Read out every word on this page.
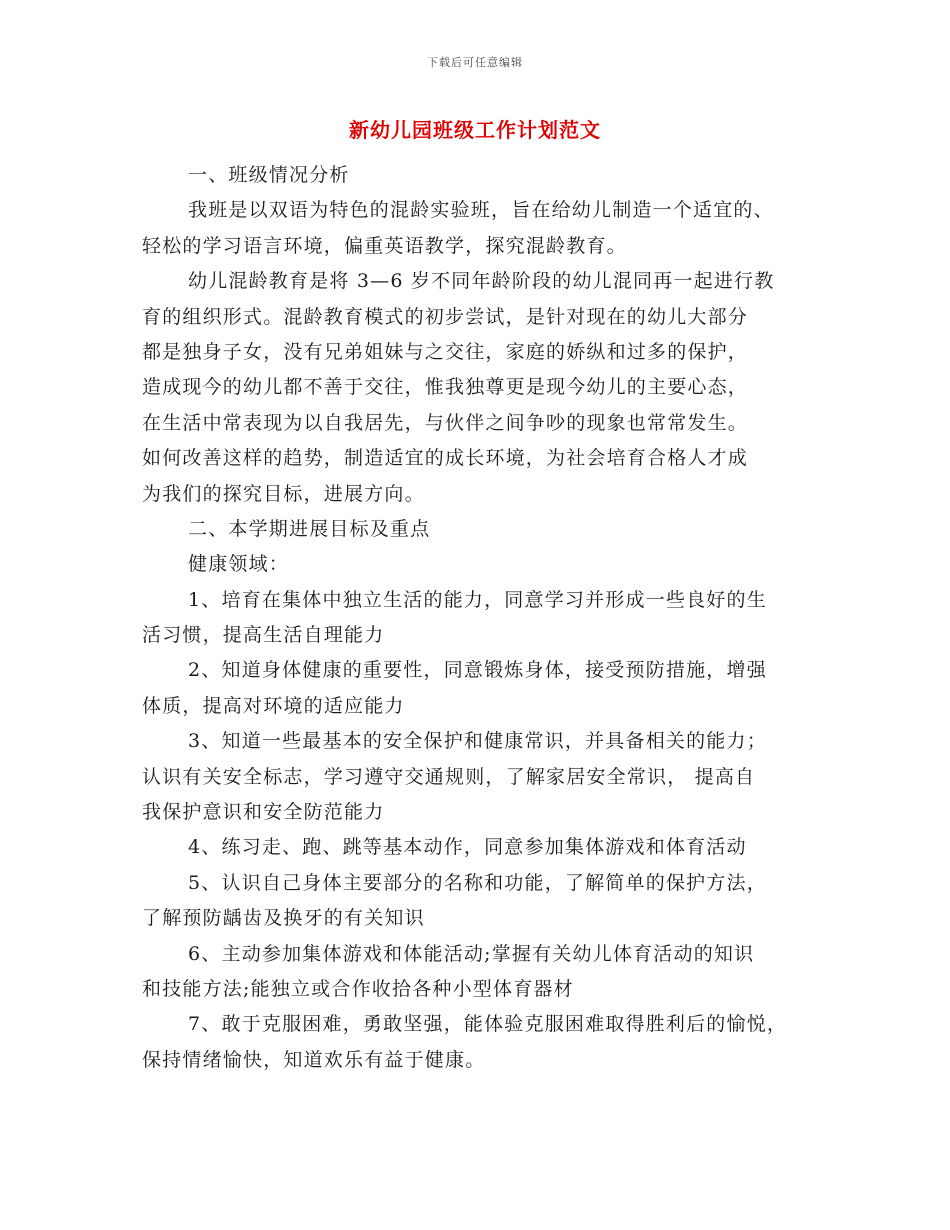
下载后可任意编辑
新幼儿园班级工作计划范文
一、班级情况分析
我班是以双语为特色的混龄实验班，旨在给幼儿制造一个适宜的、
轻松的学习语言环境，偏重英语教学，探究混龄教育。
幼儿混龄教育是将 3—6 岁不同年龄阶段的幼儿混同再一起进行教
育的组织形式。混龄教育模式的初步尝试，是针对现在的幼儿大部分
都是独身子女，没有兄弟姐妹与之交往，家庭的娇纵和过多的保护，
造成现今的幼儿都不善于交往，惟我独尊更是现今幼儿的主要心态，
在生活中常表现为以自我居先，与伙伴之间争吵的现象也常常发生。
如何改善这样的趋势，制造适宜的成长环境，为社会培育合格人才成
为我们的探究目标，进展方向。
二、本学期进展目标及重点
健康领域：
1、培育在集体中独立生活的能力，同意学习并形成一些良好的生
活习惯，提高生活自理能力
2、知道身体健康的重要性，同意锻炼身体，接受预防措施，增强
体质，提高对环境的适应能力
3、知道一些最基本的安全保护和健康常识，并具备相关的能力；
认识有关安全标志，学习遵守交通规则，了解家居安全常识， 提高自
我保护意识和安全防范能力
4、练习走、跑、跳等基本动作，同意参加集体游戏和体育活动
5、认识自己身体主要部分的名称和功能，了解简单的保护方法，
了解预防龋齿及换牙的有关知识
6、主动参加集体游戏和体能活动;掌握有关幼儿体育活动的知识
和技能方法;能独立或合作收拾各种小型体育器材
7、敢于克服困难，勇敢坚强，能体验克服困难取得胜利后的愉悦，
保持情绪愉快，知道欢乐有益于健康。
